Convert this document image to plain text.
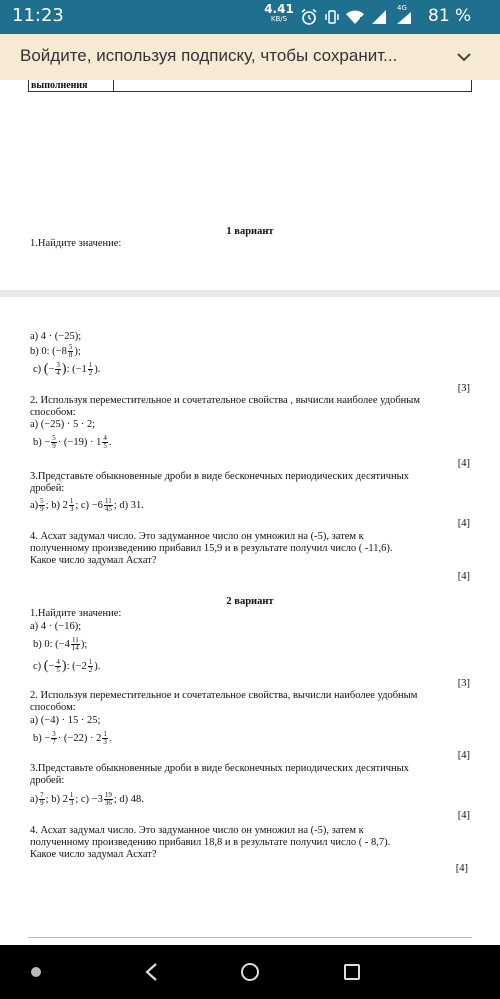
11:23	4.41
KB/S
4G 81 %
Войдите, используя подписку, чтобы сохранит...
выполнения
1 вариант
1.Найдите значение:
а) 4 · (−25);
b) 0: ($-8 \frac{5}{8}$ );
c) (− $\frac{3}{4}$ ): ($-1 \frac{1}{2}$ ).
[3]
2. Используя переместительное и сочетательное свойства , вычисли наиболее удобным
способом:
а) (−25) · 5 · 2;
$b) - \frac{5}{9} \cdot (-19) \cdot 1 \frac{4}{5}$ .
[4]
3.Представьте обыкновенные дроби в виде бесконечных периодических десятичных
дробей:
$а) \frac{5}{9}$ ; b) $2 \frac{1}{3}$ ; $c) -6 \frac{11}{45}$ ; d) 31.
[4]
4. Асхат задумал число. Это задуманное число он умножил на (-5), затем к
полученному произведению прибавил 15,9 и в результате получил число ( -11,6).
Какое число задумал Асхат?
[4]
2 вариант
1.Найдите значение:
а) 4 · (−16);
b) 0: ($-4 \frac{11}{14}$ );
c) (− $\frac{4}{5}$ ): ($-2 \frac{1}{2}$ ).
[3]
2. Используя переместительное и сочетательное свойства, вычисли наиболее удобным
способом:
а) (−4) · 15 · 25;
$b) - \frac{3}{7} \cdot (-22) \cdot 2 \frac{1}{3}$ .
[4]
3.Представьте обыкновенные дроби в виде бесконечных периодических десятичных
дробей:
$а) \frac{7}{9}$ ; b) $2 \frac{1}{3}$ ; $c) -3 \frac{19}{36}$ ; d) 48.
[4]
4. Асхат задумал число. Это задуманное число он умножил на (-5), затем к
полученному произведению прибавил 18,8 и в результате получил число ( - 8,7).
Какое число задумал Асхат?
[4]
